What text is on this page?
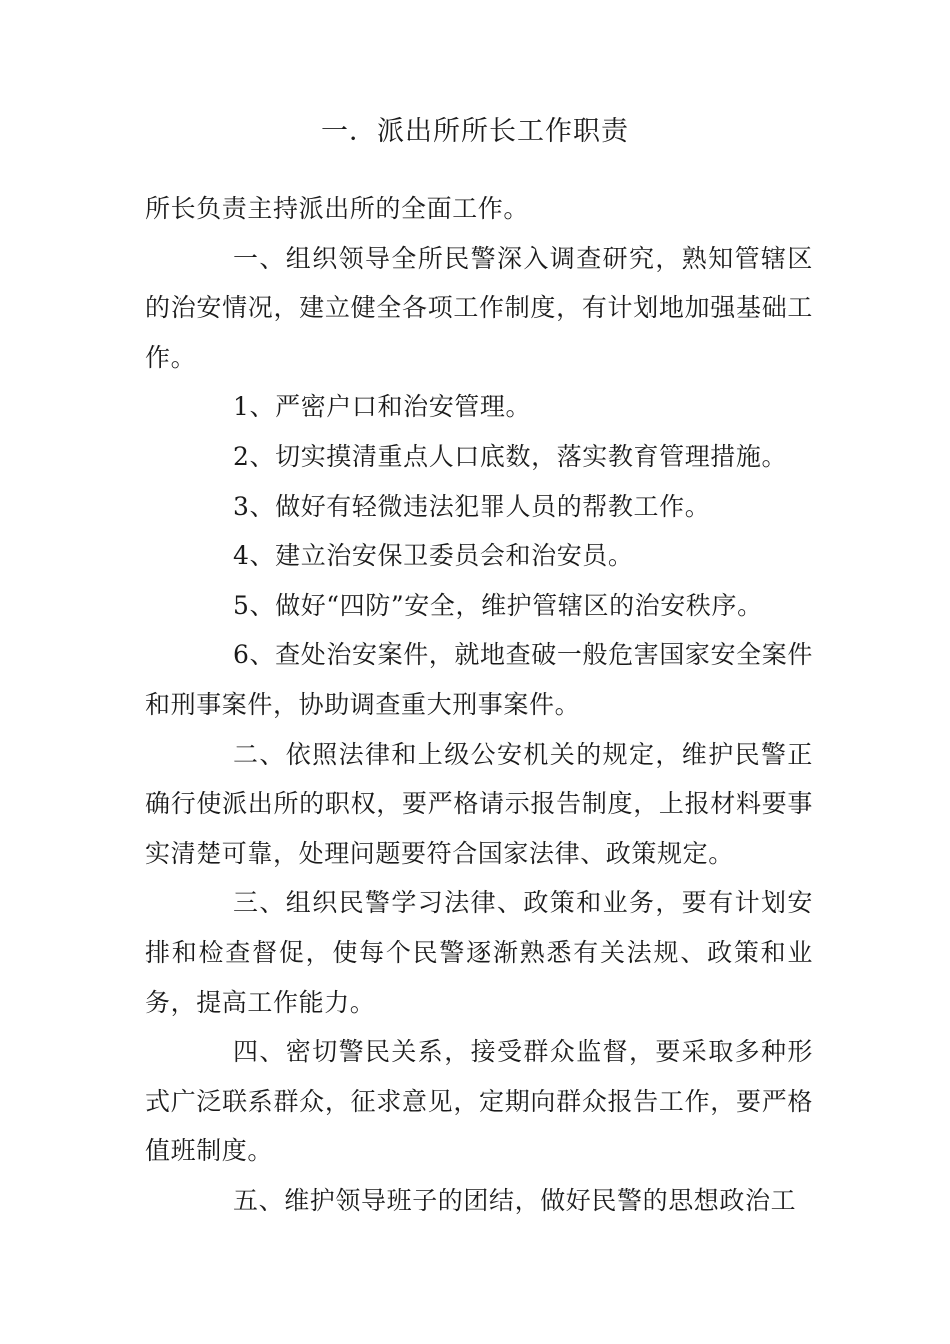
一．派出所所长工作职责

所长负责主持派出所的全面工作。

一、组织领导全所民警深入调查研究，熟知管辖区的治安情况，建立健全各项工作制度，有计划地加强基础工作。

1、严密户口和治安管理。

2、切实摸清重点人口底数，落实教育管理措施。

3、做好有轻微违法犯罪人员的帮教工作。

4、建立治安保卫委员会和治安员。

5、做好“四防”安全，维护管辖区的治安秩序。

6、查处治安案件，就地查破一般危害国家安全案件和刑事案件，协助调查重大刑事案件。

二、依照法律和上级公安机关的规定，维护民警正确行使派出所的职权，要严格请示报告制度，上报材料要事实清楚可靠，处理问题要符合国家法律、政策规定。

三、组织民警学习法律、政策和业务，要有计划安排和检查督促，使每个民警逐渐熟悉有关法规、政策和业务，提高工作能力。

四、密切警民关系，接受群众监督，要采取多种形式广泛联系群众，征求意见，定期向群众报告工作，要严格值班制度。

五、维护领导班子的团结，做好民警的思想政治工
